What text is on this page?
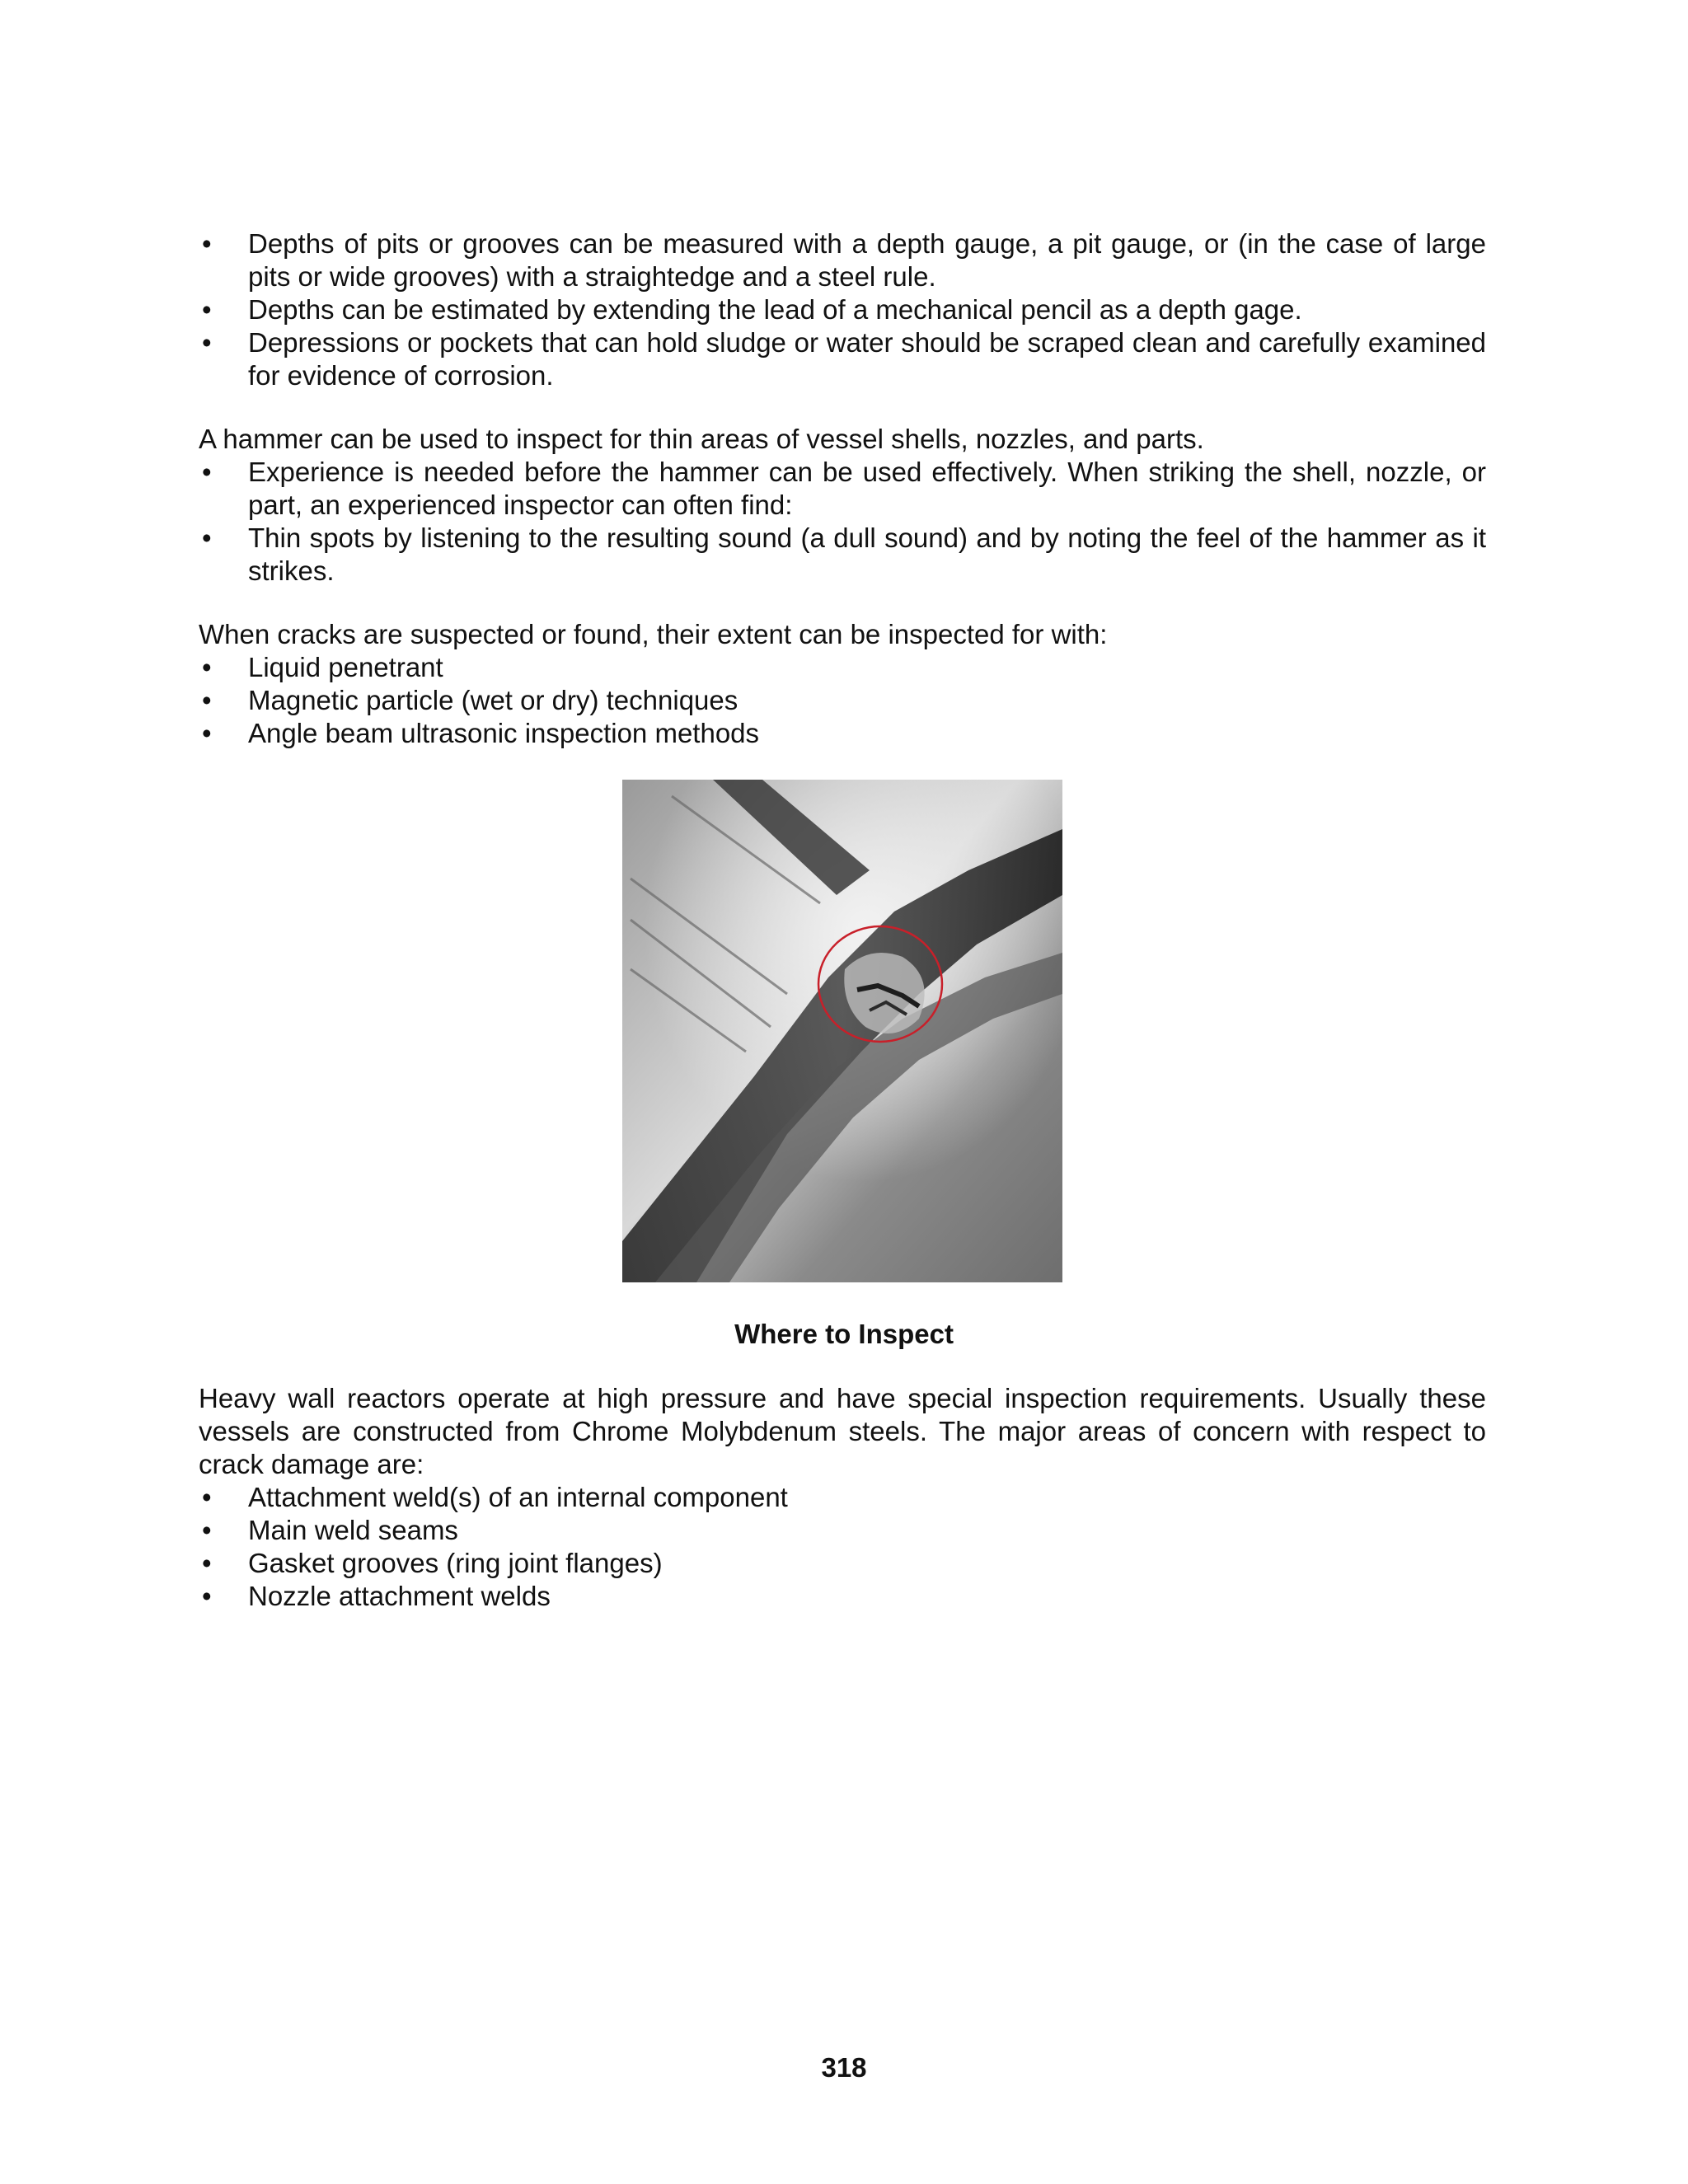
• Depths of pits or grooves can be measured with a depth gauge, a pit gauge, or (in the case of large pits or wide grooves) with a straightedge and a steel rule.
• Depths can be estimated by extending the lead of a mechanical pencil as a depth gage.
• Depressions or pockets that can hold sludge or water should be scraped clean and carefully examined for evidence of corrosion.

A hammer can be used to inspect for thin areas of vessel shells, nozzles, and parts.

• Experience is needed before the hammer can be used effectively. When striking the shell, nozzle, or part, an experienced inspector can often find:
• Thin spots by listening to the resulting sound (a dull sound) and by noting the feel of the hammer as it strikes.

When cracks are suspected or found, their extent can be inspected for with:

• Liquid penetrant
• Magnetic particle (wet or dry) techniques
• Angle beam ultrasonic inspection methods
Where to Inspect

Heavy wall reactors operate at high pressure and have special inspection requirements. Usually these vessels are constructed from Chrome Molybdenum steels. The major areas of concern with respect to crack damage are:

• Attachment weld(s) of an internal component
• Main weld seams
• Gasket grooves (ring joint flanges)
• Nozzle attachment welds
318
